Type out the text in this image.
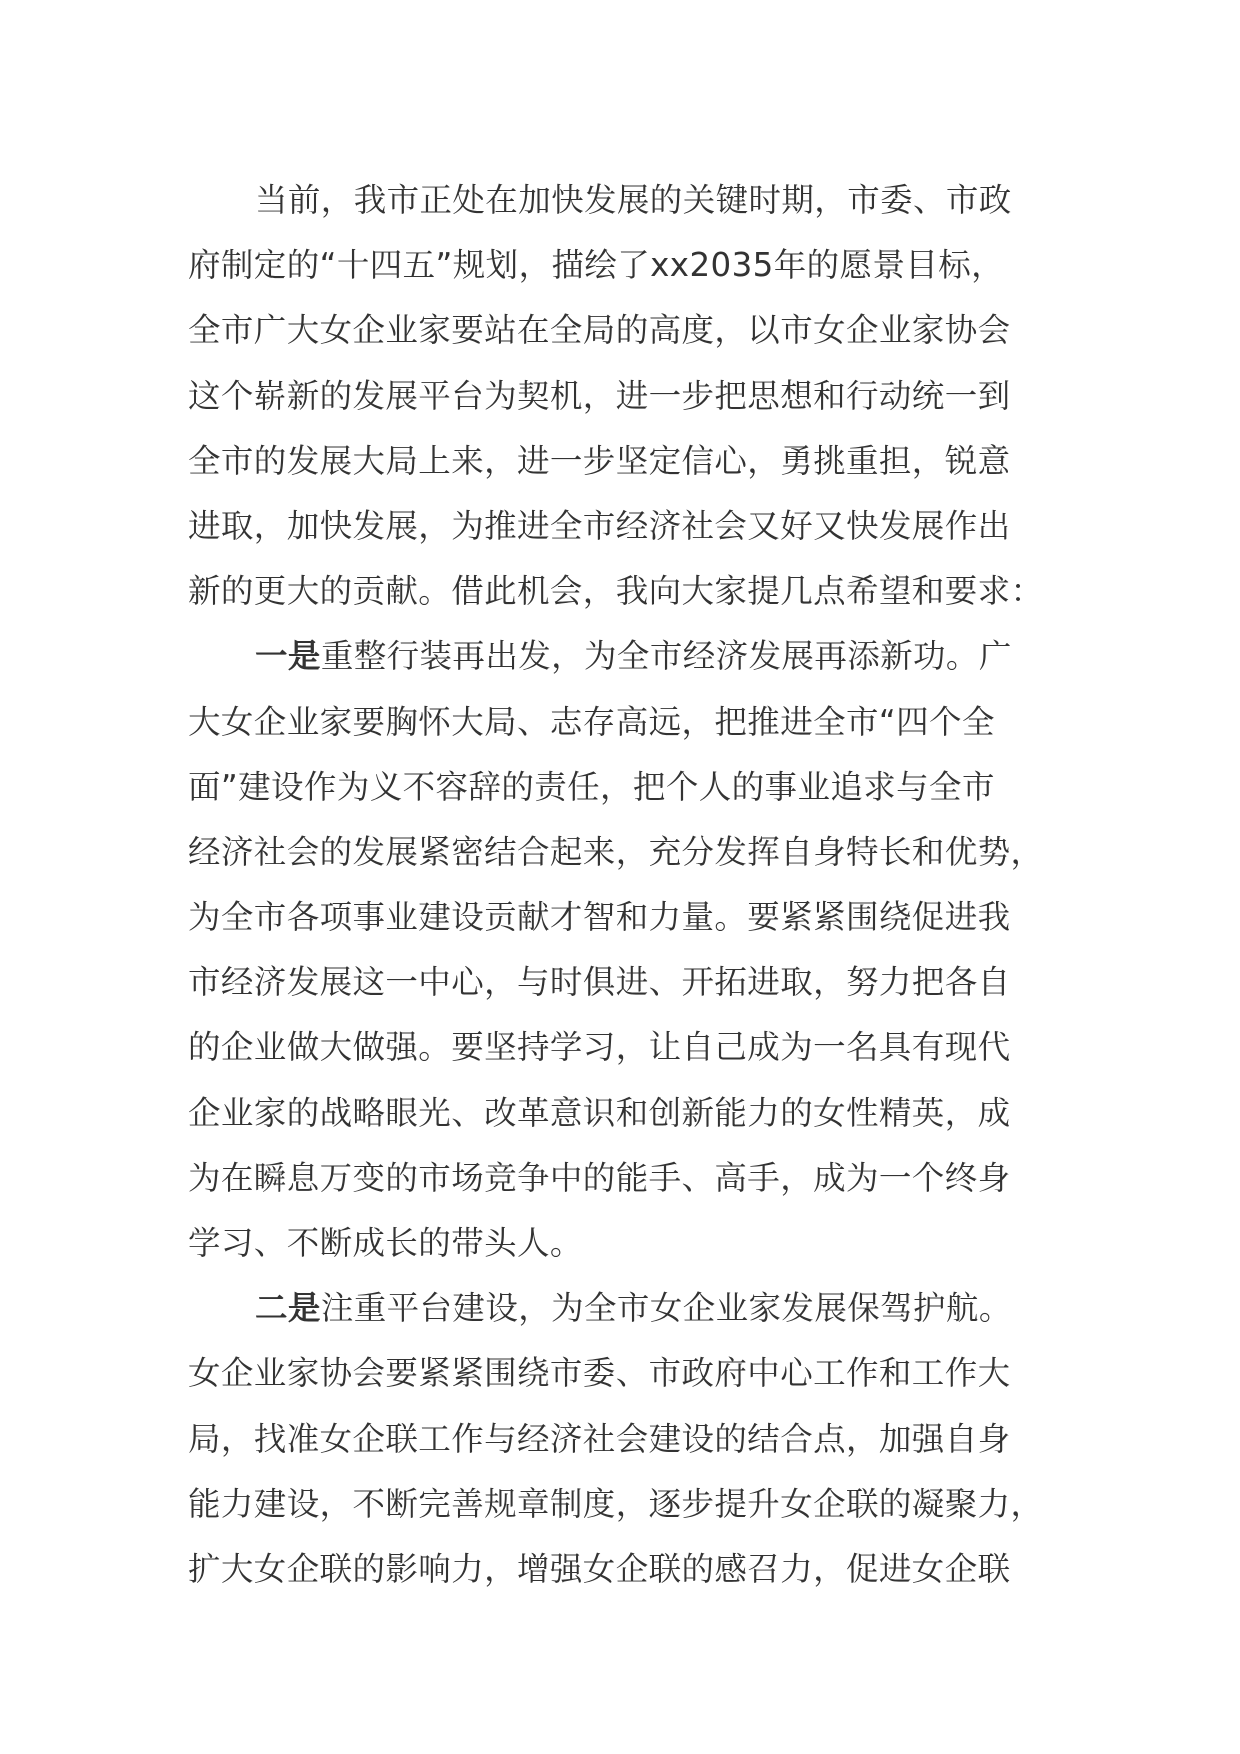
当前，我市正处在加快发展的关键时期，市委、市政
府制定的“十四五”规划，描绘了xx2035年的愿景目标，
全市广大女企业家要站在全局的高度，以市女企业家协会
这个崭新的发展平台为契机，进一步把思想和行动统一到
全市的发展大局上来，进一步坚定信心，勇挑重担，锐意
进取，加快发展，为推进全市经济社会又好又快发展作出
新的更大的贡献。借此机会，我向大家提几点希望和要求：
一是重整行装再出发，为全市经济发展再添新功。广
大女企业家要胸怀大局、志存高远，把推进全市“四个全
面”建设作为义不容辞的责任，把个人的事业追求与全市
经济社会的发展紧密结合起来，充分发挥自身特长和优势，
为全市各项事业建设贡献才智和力量。要紧紧围绕促进我
市经济发展这一中心，与时俱进、开拓进取，努力把各自
的企业做大做强。要坚持学习，让自己成为一名具有现代
企业家的战略眼光、改革意识和创新能力的女性精英，成
为在瞬息万变的市场竞争中的能手、高手，成为一个终身
学习、不断成长的带头人。
二是注重平台建设，为全市女企业家发展保驾护航。
女企业家协会要紧紧围绕市委、市政府中心工作和工作大
局，找准女企联工作与经济社会建设的结合点，加强自身
能力建设，不断完善规章制度，逐步提升女企联的凝聚力，
扩大女企联的影响力，增强女企联的感召力，促进女企联
